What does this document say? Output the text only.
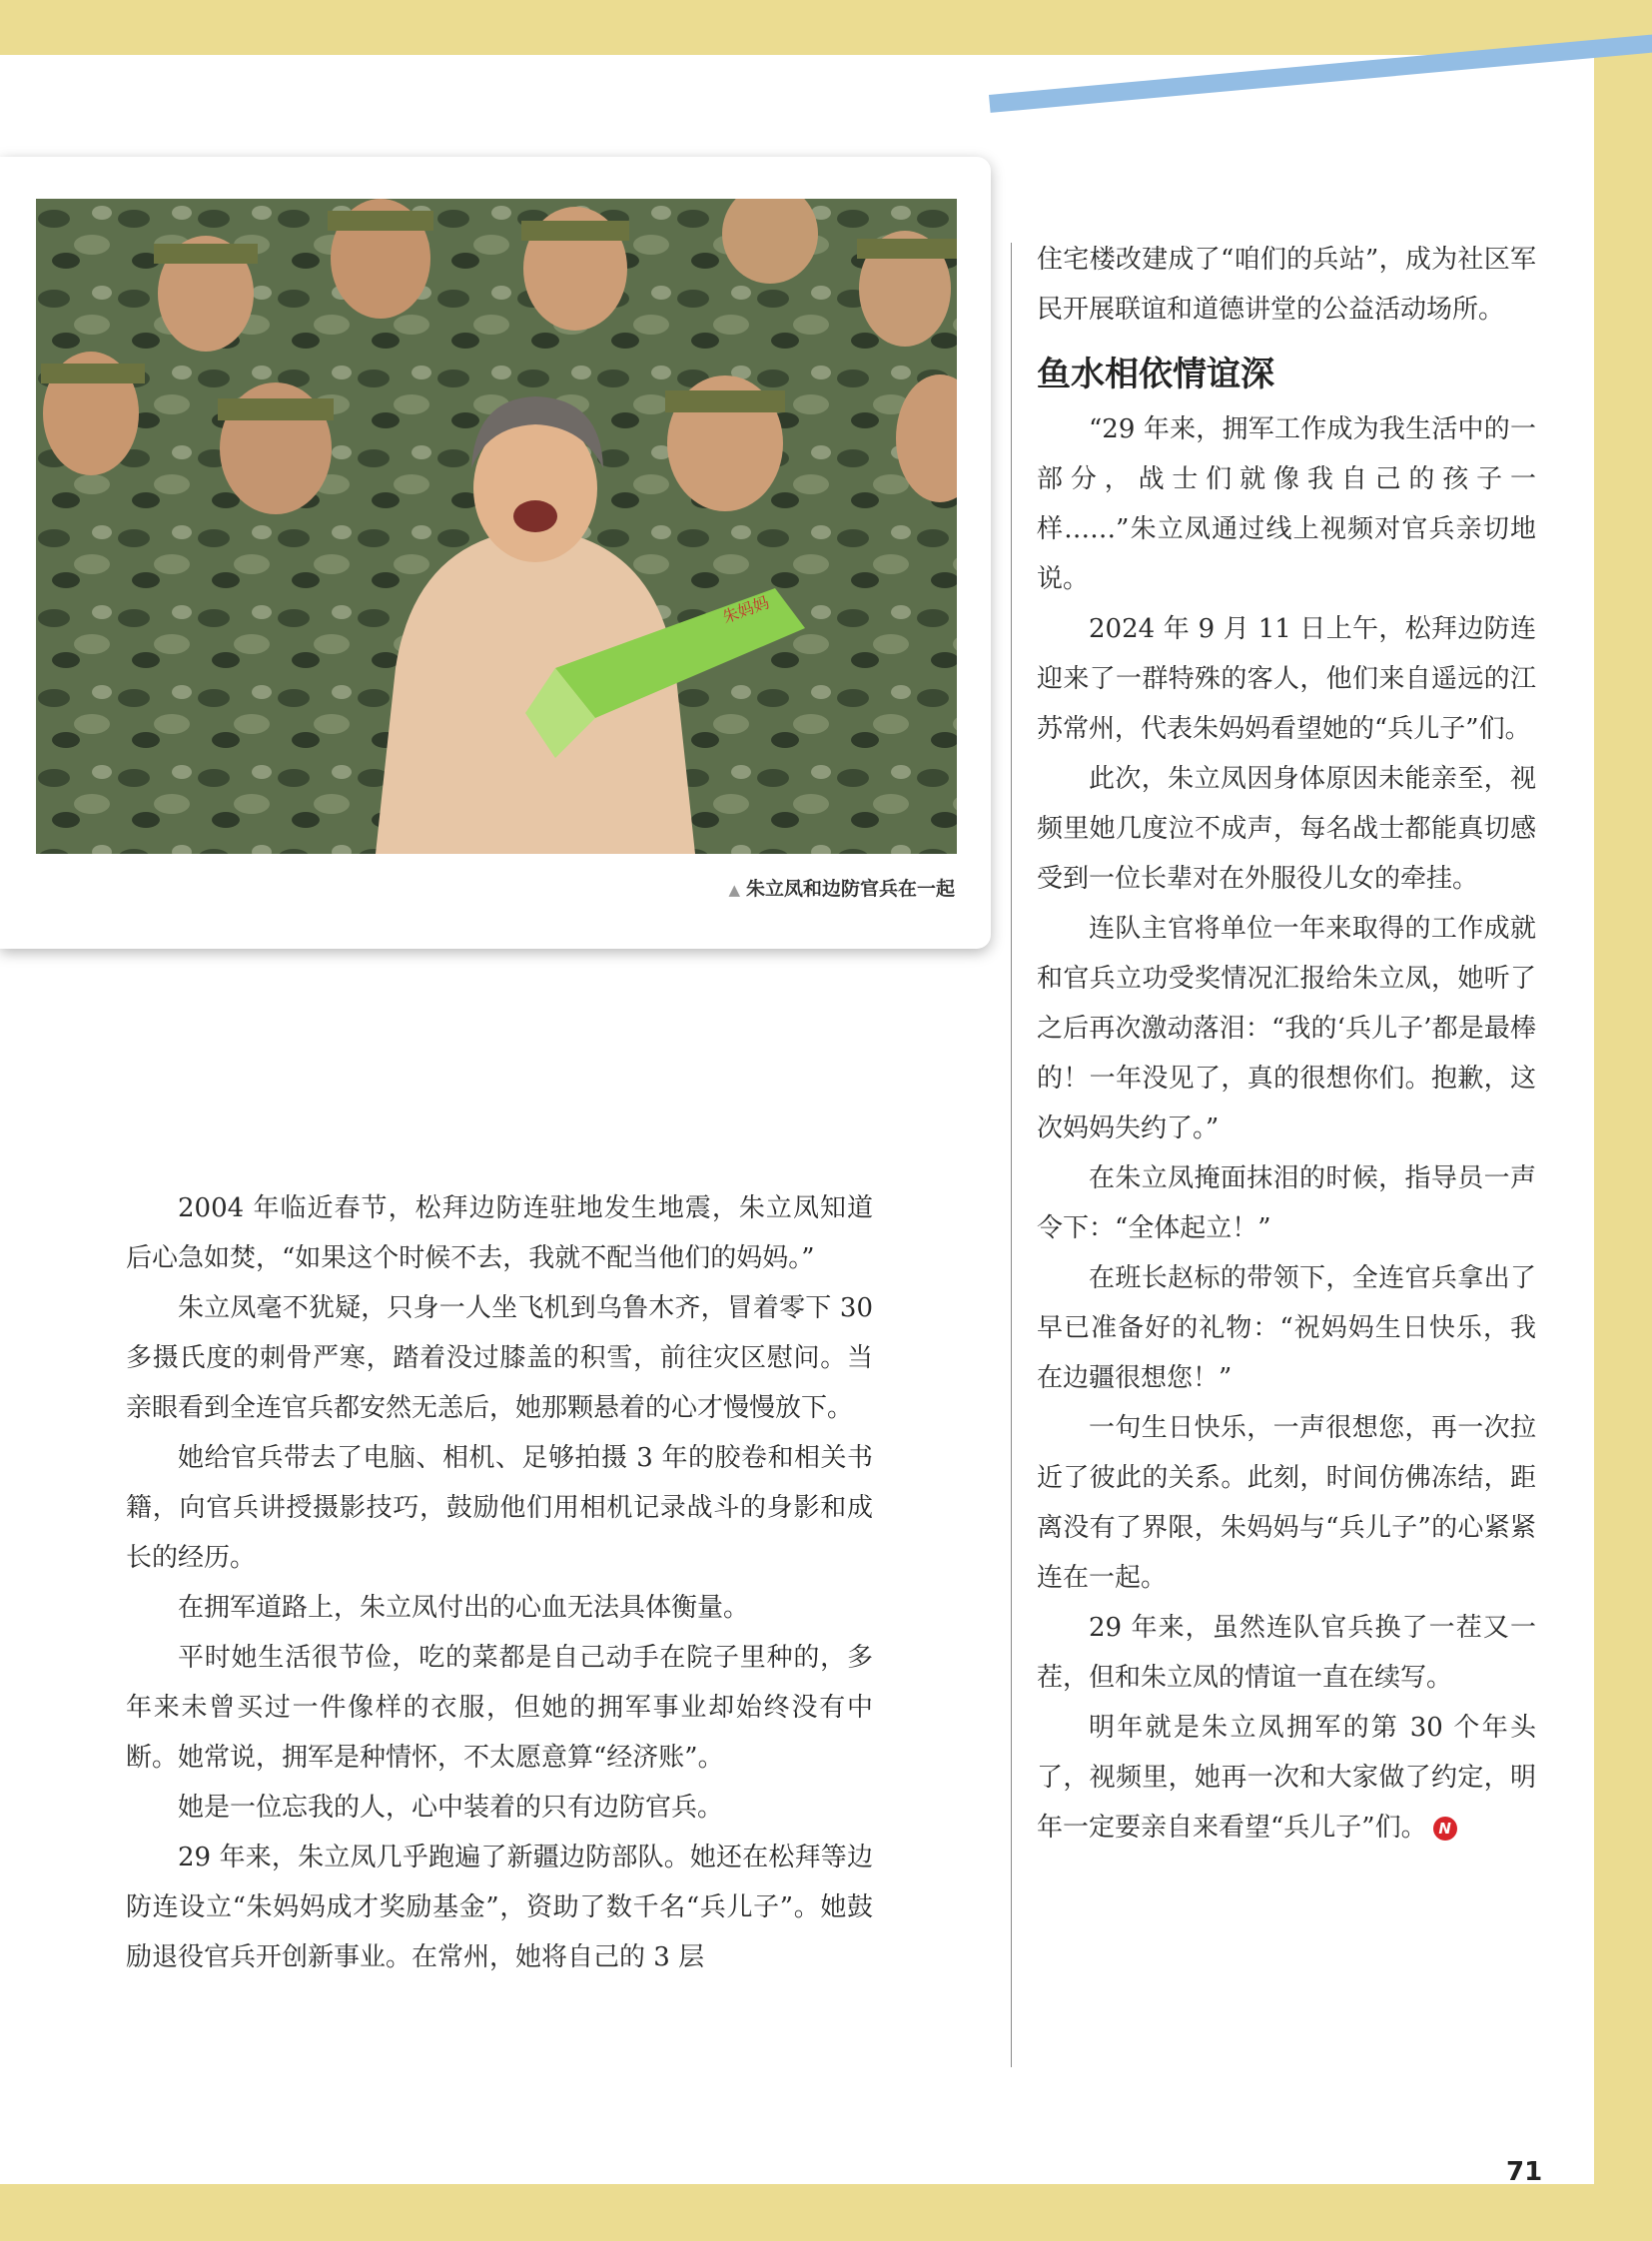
朱妈妈
▲ 朱立凤和边防官兵在一起

2004 年临近春节，松拜边防连驻地发生地震，朱立凤知道后心急如焚，“如果这个时候不去，我就不配当他们的妈妈。”

朱立凤毫不犹疑，只身一人坐飞机到乌鲁木齐，冒着零下 30 多摄氏度的刺骨严寒，踏着没过膝盖的积雪，前往灾区慰问。当亲眼看到全连官兵都安然无恙后，她那颗悬着的心才慢慢放下。

她给官兵带去了电脑、相机、足够拍摄 3 年的胶卷和相关书籍，向官兵讲授摄影技巧，鼓励他们用相机记录战斗的身影和成长的经历。

在拥军道路上，朱立凤付出的心血无法具体衡量。

平时她生活很节俭，吃的菜都是自己动手在院子里种的，多年来未曾买过一件像样的衣服，但她的拥军事业却始终没有中断。她常说，拥军是种情怀，不太愿意算“经济账”。

她是一位忘我的人，心中装着的只有边防官兵。

29 年来，朱立凤几乎跑遍了新疆边防部队。她还在松拜等边防连设立“朱妈妈成才奖励基金”，资助了数千名“兵儿子”。她鼓励退役官兵开创新事业。在常州，她将自己的 3 层

住宅楼改建成了“咱们的兵站”，成为社区军民开展联谊和道德讲堂的公益活动场所。

鱼水相依情谊深

“29 年来，拥军工作成为我生活中的一部分，战士们就像我自己的孩子一样……”朱立凤通过线上视频对官兵亲切地说。

2024 年 9 月 11 日上午，松拜边防连迎来了一群特殊的客人，他们来自遥远的江苏常州，代表朱妈妈看望她的“兵儿子”们。

此次，朱立凤因身体原因未能亲至，视频里她几度泣不成声，每名战士都能真切感受到一位长辈对在外服役儿女的牵挂。

连队主官将单位一年来取得的工作成就和官兵立功受奖情况汇报给朱立凤，她听了之后再次激动落泪：“我的‘兵儿子’都是最棒的！一年没见了，真的很想你们。抱歉，这次妈妈失约了。”

在朱立凤掩面抹泪的时候，指导员一声令下：“全体起立！”

在班长赵标的带领下，全连官兵拿出了早已准备好的礼物：“祝妈妈生日快乐，我在边疆很想您！”

一句生日快乐，一声很想您，再一次拉近了彼此的关系。此刻，时间仿佛冻结，距离没有了界限，朱妈妈与“兵儿子”的心紧紧连在一起。

29 年来，虽然连队官兵换了一茬又一茬，但和朱立凤的情谊一直在续写。

明年就是朱立凤拥军的第 30 个年头了，视频里，她再一次和大家做了约定，明年一定要亲自来看望“兵儿子”们。 N

71
